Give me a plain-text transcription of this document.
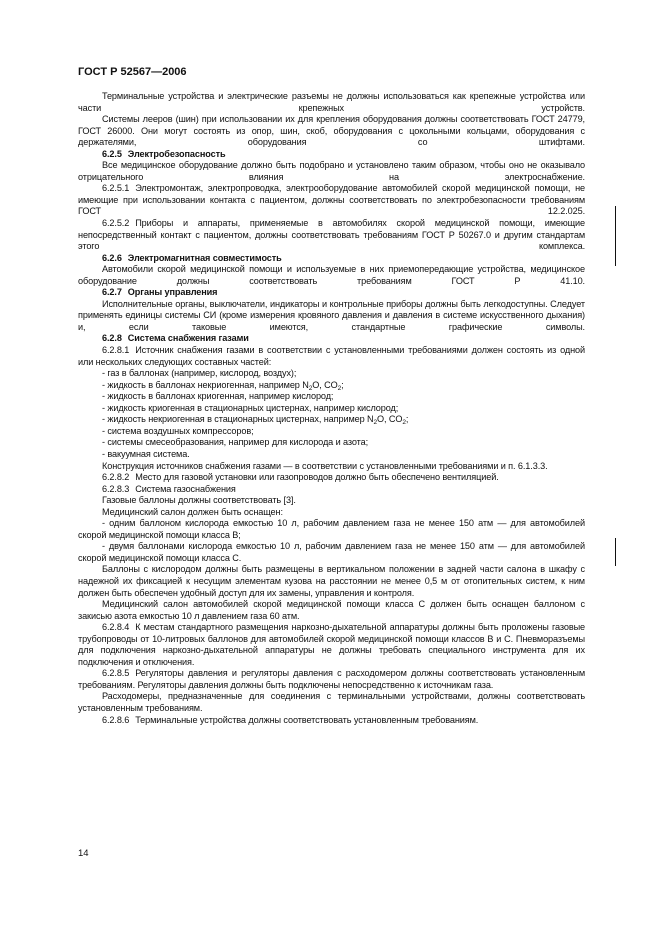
ГОСТ Р 52567—2006

Терминальные устройства и электрические разъемы не должны использоваться как крепежные устройства или части крепежных устройств.

Системы лееров (шин) при использовании их для крепления оборудования должны соответствовать ГОСТ 24779, ГОСТ 26000. Они могут состоять из опор, шин, скоб, оборудования с цокольными кольцами, оборудования с держателями, оборудования со штифтами.

6.2.5 Электробезопасность

Все медицинское оборудование должно быть подобрано и установлено таким образом, чтобы оно не оказывало отрицательного влияния на электроснабжение.

6.2.5.1 Электромонтаж, электропроводка, электрооборудование автомобилей скорой медицинской помощи, не имеющие при использовании контакта с пациентом, должны соответствовать по электробезопасности требованиям ГОСТ 12.2.025.

6.2.5.2 Приборы и аппараты, применяемые в автомобилях скорой медицинской помощи, имеющие непосредственный контакт с пациентом, должны соответствовать требованиям ГОСТ Р 50267.0 и другим стандартам этого комплекса.

6.2.6 Электромагнитная совместимость

Автомобили скорой медицинской помощи и используемые в них приемопередающие устройства, медицинское оборудование должны соответствовать требованиям ГОСТ Р 41.10.

6.2.7 Органы управления

Исполнительные органы, выключатели, индикаторы и контрольные приборы должны быть легкодоступны. Следует применять единицы системы СИ (кроме измерения кровяного давления и давления в системе искусственного дыхания) и, если таковые имеются, стандартные графические символы.

6.2.8 Система снабжения газами

6.2.8.1 Источник снабжения газами в соответствии с установленными требованиями должен состоять из одной или нескольких следующих составных частей:

- газ в баллонах (например, кислород, воздух);

- жидкость в баллонах некриогенная, например $N_2O$, $CO_2$;

- жидкость в баллонах криогенная, например кислород;

- жидкость криогенная в стационарных цистернах, например кислород;

- жидкость некриогенная в стационарных цистернах, например $N_2O$, $CO_2$;

- система воздушных компрессоров;

- системы смесеобразования, например для кислорода и азота;

- вакуумная система.

Конструкция источников снабжения газами — в соответствии с установленными требованиями и п. 6.1.3.3.

6.2.8.2 Место для газовой установки или газопроводов должно быть обеспечено вентиляцией.

6.2.8.3 Система газоснабжения

Газовые баллоны должны соответствовать [3].

Медицинский салон должен быть оснащен:

- одним баллоном кислорода емкостью 10 л, рабочим давлением газа не менее 150 атм — для автомобилей скорой медицинской помощи класса В;

- двумя баллонами кислорода емкостью 10 л, рабочим давлением газа не менее 150 атм — для автомобилей скорой медицинской помощи класса С.

Баллоны с кислородом должны быть размещены в вертикальном положении в задней части салона в шкафу с надежной их фиксацией к несущим элементам кузова на расстоянии не менее 0,5 м от отопительных систем, к ним должен быть обеспечен удобный доступ для их замены, управления и контроля.

Медицинский салон автомобилей скорой медицинской помощи класса С должен быть оснащен баллоном с закисью азота емкостью 10 л давлением газа 60 атм.

6.2.8.4 К местам стандартного размещения наркозно-дыхательной аппаратуры должны быть проложены газовые трубопроводы от 10-литровых баллонов для автомобилей скорой медицинской помощи классов В и С. Пневморазъемы для подключения наркозно-дыхательной аппаратуры не должны требовать специального инструмента для их подключения и отключения.

6.2.8.5 Регуляторы давления и регуляторы давления с расходомером должны соответствовать установленным требованиям. Регуляторы давления должны быть подключены непосредственно к источникам газа.

Расходомеры, предназначенные для соединения с терминальными устройствами, должны соответствовать установленным требованиям.

6.2.8.6 Терминальные устройства должны соответствовать установленным требованиям.

14
